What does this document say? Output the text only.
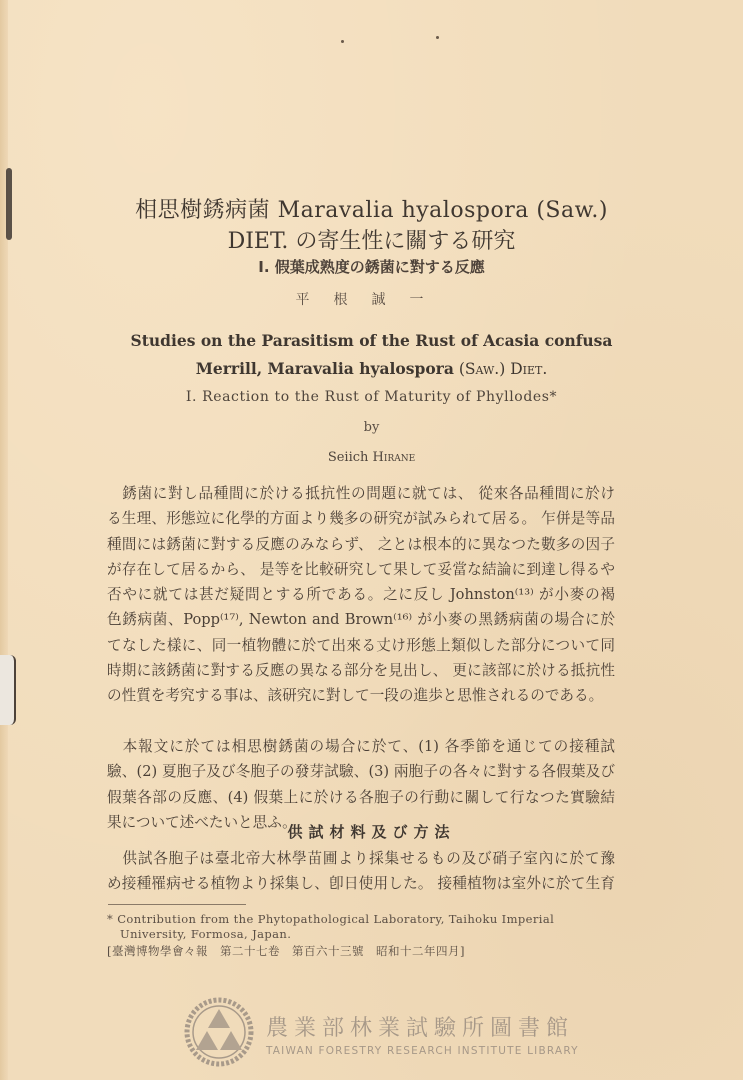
相思樹銹病菌 Maravalia hyalospora (Saw.)
DIET. の寄生性に關する研究
I. 假葉成熟度の銹菌に對する反應
平根誠一
Studies on the Parasitism of the Rust of Acasia confusa
Merrill, Maravalia hyalospora (Saw.) Diet.
I. Reaction to the Rust of Maturity of Phyllodes*
by
Seiich Hirane
　銹菌に對し品種間に於ける抵抗性の問題に就ては、 從來各品種間に於け
る生理、形態竝に化學的方面より幾多の研究が試みられて居る。 乍併是等品
種間には銹菌に對する反應のみならず、 之とは根本的に異なつた數多の因子
が存在して居るから、 是等を比較研究して果して妥當な結論に到達し得るや
否やに就ては甚だ疑問とする所である。之に反し Johnston⁽¹³⁾ が小麥の褐
色銹病菌、Popp⁽¹⁷⁾, Newton and Brown⁽¹⁶⁾ が小麥の黑銹病菌の場合に於
てなした樣に、同一植物體に於て出來る丈け形態上類似した部分について同
時期に該銹菌に對する反應の異なる部分を見出し、 更に該部に於ける抵抗性
の性質を考究する事は、該研究に對して一段の進歩と思惟されるのである。
　本報文に於ては相思樹銹菌の場合に於て、(1) 各季節を通じての接種試
驗、(2) 夏胞子及び冬胞子の發芽試驗、(3) 兩胞子の各々に對する各假葉及び
假葉各部の反應、(4) 假葉上に於ける各胞子の行動に關して行なつた實驗結
果について述べたいと思ふ。
供試材料及び方法
　供試各胞子は臺北帝大林學苗圃より採集せるもの及び硝子室內に於て豫
め接種罹病せる植物より採集し、卽日使用した。 接種植物は室外に於て生育
* Contribution from the Phytopathological Laboratory, Taihoku Imperial
University, Formosa, Japan.
[臺灣博物學會々報　第二十七卷　第百六十三號　昭和十二年四月]
農業部林業試驗所圖書館
TAIWAN FORESTRY RESEARCH INSTITUTE LIBRARY
